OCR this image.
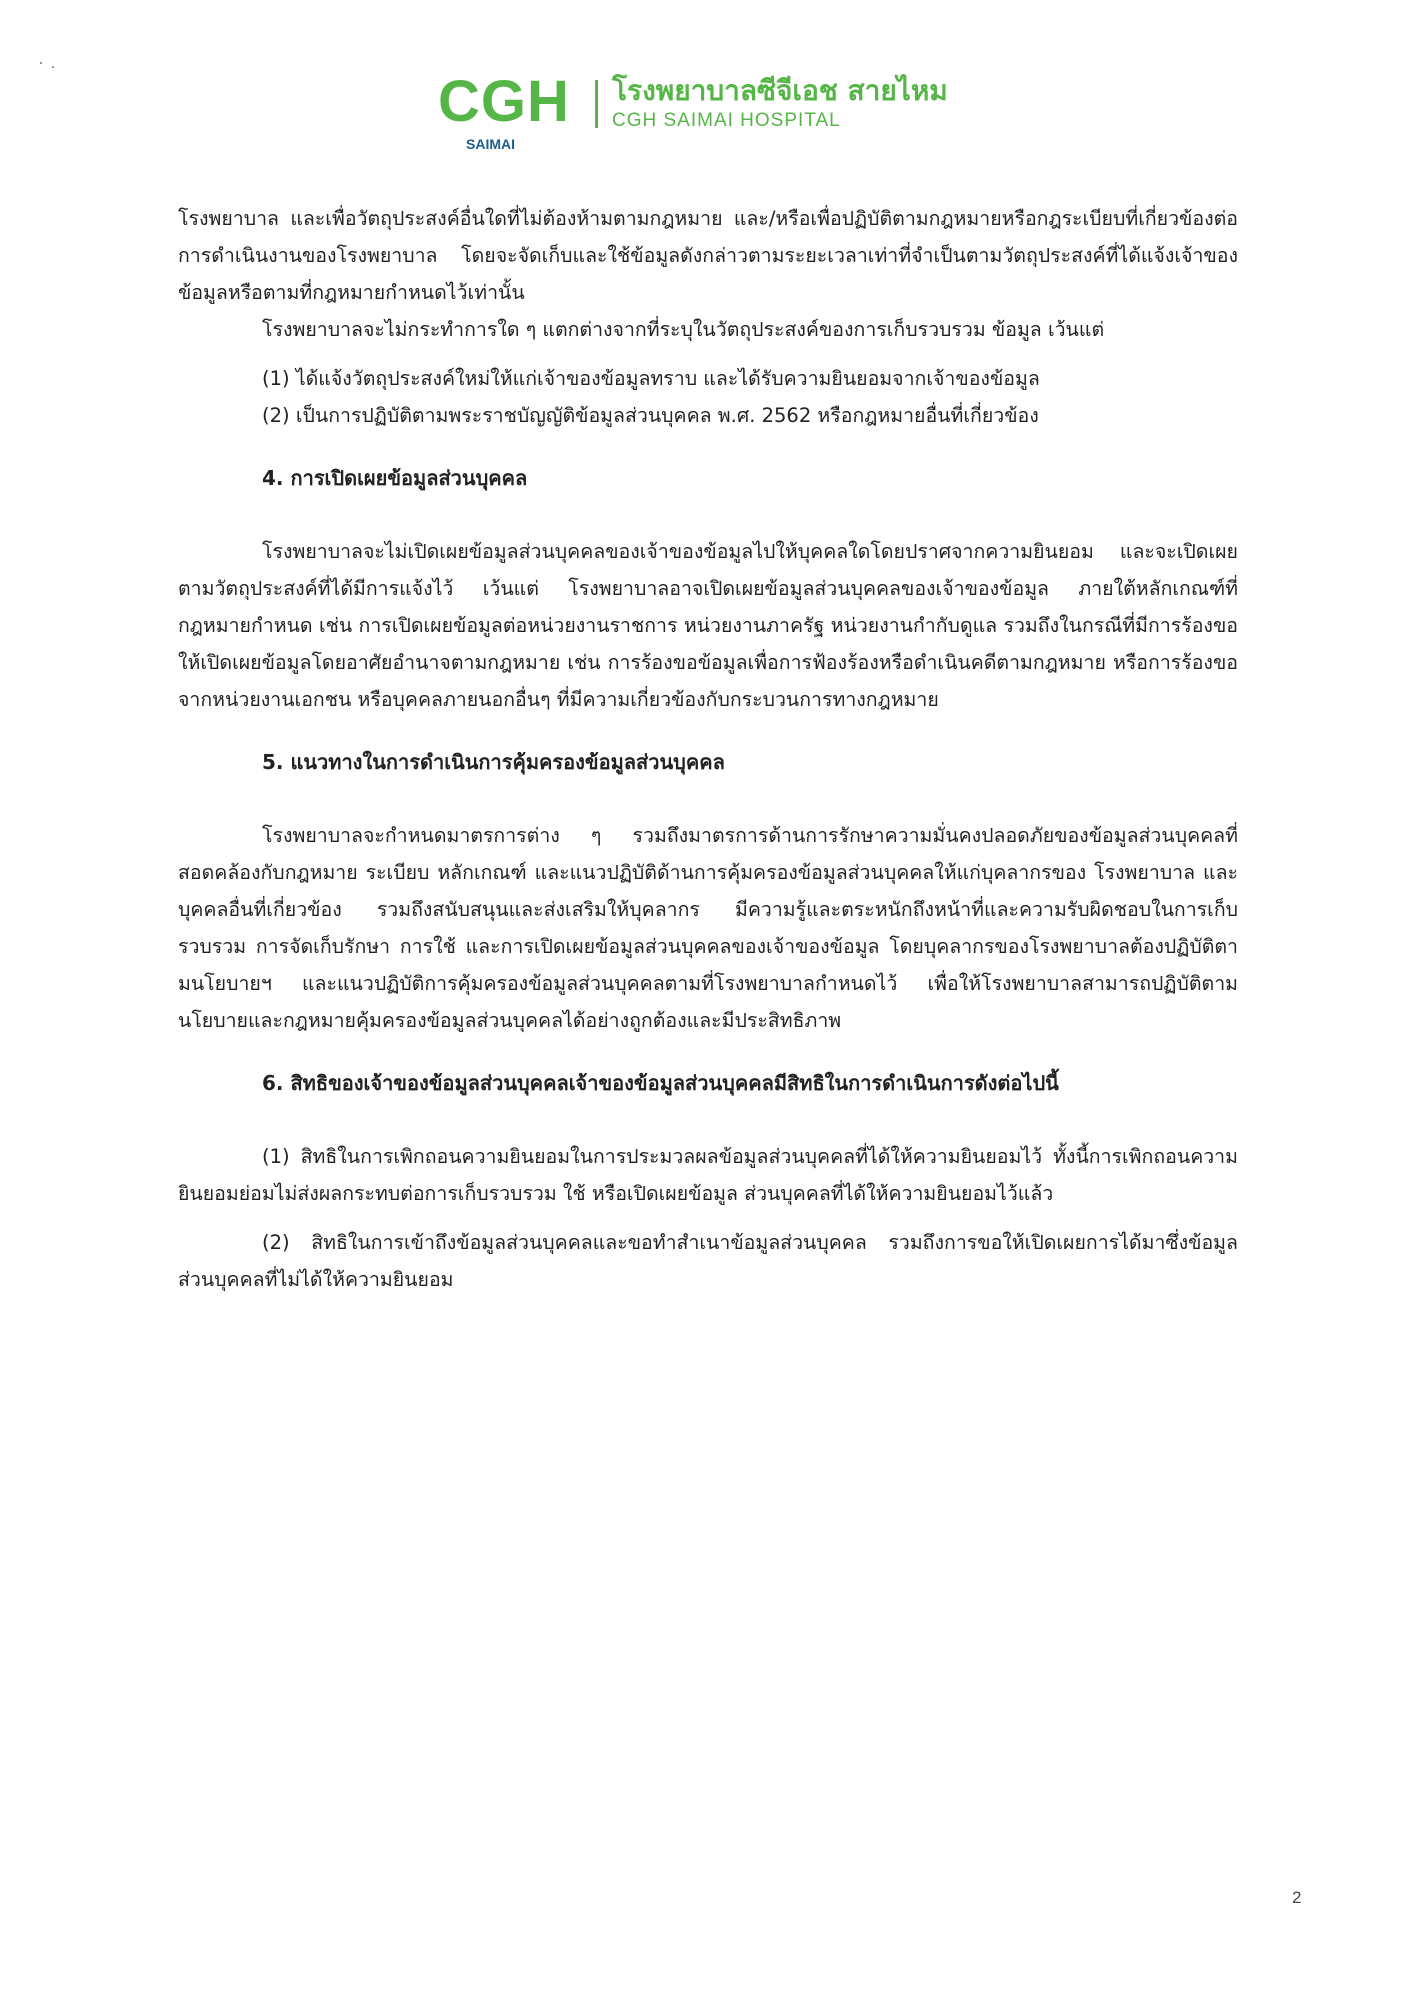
CGH
SAIMAI
โรงพยาบาลซีจีเอช สายไหม
CGH SAIMAI HOSPITAL

โรงพยาบาล และเพื่อวัตถุประสงค์อื่นใดที่ไม่ต้องห้ามตามกฎหมาย และ/หรือเพื่อปฏิบัติตามกฎหมายหรือกฎระเบียบที่เกี่ยวข้องต่อการดำเนินงานของโรงพยาบาล โดยจะจัดเก็บและใช้ข้อมูลดังกล่าวตามระยะเวลาเท่าที่จำเป็นตามวัตถุประสงค์ที่ได้แจ้งเจ้าของข้อมูลหรือตามที่กฎหมายกำหนดไว้เท่านั้น

โรงพยาบาลจะไม่กระทำการใด ๆ แตกต่างจากที่ระบุในวัตถุประสงค์ของการเก็บรวบรวม ข้อมูล เว้นแต่

(1) ได้แจ้งวัตถุประสงค์ใหม่ให้แก่เจ้าของข้อมูลทราบ และได้รับความยินยอมจากเจ้าของข้อมูล

(2) เป็นการปฏิบัติตามพระราชบัญญัติข้อมูลส่วนบุคคล พ.ศ. 2562 หรือกฎหมายอื่นที่เกี่ยวข้อง

4. การเปิดเผยข้อมูลส่วนบุคคล

โรงพยาบาลจะไม่เปิดเผยข้อมูลส่วนบุคคลของเจ้าของข้อมูลไปให้บุคคลใดโดยปราศจากความยินยอม และจะเปิดเผยตามวัตถุประสงค์ที่ได้มีการแจ้งไว้ เว้นแต่ โรงพยาบาลอาจเปิดเผยข้อมูลส่วนบุคคลของเจ้าของข้อมูล ภายใต้หลักเกณฑ์ที่กฎหมายกำหนด เช่น การเปิดเผยข้อมูลต่อหน่วยงานราชการ หน่วยงานภาครัฐ หน่วยงานกำกับดูแล รวมถึงในกรณีที่มีการร้องขอให้เปิดเผยข้อมูลโดยอาศัยอำนาจตามกฎหมาย เช่น การร้องขอข้อมูลเพื่อการฟ้องร้องหรือดำเนินคดีตามกฎหมาย หรือการร้องขอจากหน่วยงานเอกชน หรือบุคคลภายนอกอื่นๆ ที่มีความเกี่ยวข้องกับกระบวนการทางกฎหมาย

5. แนวทางในการดำเนินการคุ้มครองข้อมูลส่วนบุคคล

โรงพยาบาลจะกำหนดมาตรการต่าง ๆ รวมถึงมาตรการด้านการรักษาความมั่นคงปลอดภัยของข้อมูลส่วนบุคคลที่สอดคล้องกับกฎหมาย ระเบียบ หลักเกณฑ์ และแนวปฏิบัติด้านการคุ้มครองข้อมูลส่วนบุคคลให้แก่บุคลากรของ โรงพยาบาล และบุคคลอื่นที่เกี่ยวข้อง รวมถึงสนับสนุนและส่งเสริมให้บุคลากร มีความรู้และตระหนักถึงหน้าที่และความรับผิดชอบในการเก็บรวบรวม การจัดเก็บรักษา การใช้ และการเปิดเผยข้อมูลส่วนบุคคลของเจ้าของข้อมูล โดยบุคลากรของโรงพยาบาลต้องปฏิบัติตามนโยบายฯ และแนวปฏิบัติการคุ้มครองข้อมูลส่วนบุคคลตามที่โรงพยาบาลกำหนดไว้ เพื่อให้โรงพยาบาลสามารถปฏิบัติตามนโยบายและกฎหมายคุ้มครองข้อมูลส่วนบุคคลได้อย่างถูกต้องและมีประสิทธิภาพ

6. สิทธิของเจ้าของข้อมูลส่วนบุคคลเจ้าของข้อมูลส่วนบุคคลมีสิทธิในการดำเนินการดังต่อไปนี้

(1) สิทธิในการเพิกถอนความยินยอมในการประมวลผลข้อมูลส่วนบุคคลที่ได้ให้ความยินยอมไว้ ทั้งนี้การเพิกถอนความยินยอมย่อมไม่ส่งผลกระทบต่อการเก็บรวบรวม ใช้ หรือเปิดเผยข้อมูล ส่วนบุคคลที่ได้ให้ความยินยอมไว้แล้ว

(2) สิทธิในการเข้าถึงข้อมูลส่วนบุคคลและขอทำสำเนาข้อมูลส่วนบุคคล รวมถึงการขอให้เปิดเผยการได้มาซึ่งข้อมูลส่วนบุคคลที่ไม่ได้ให้ความยินยอม

2
